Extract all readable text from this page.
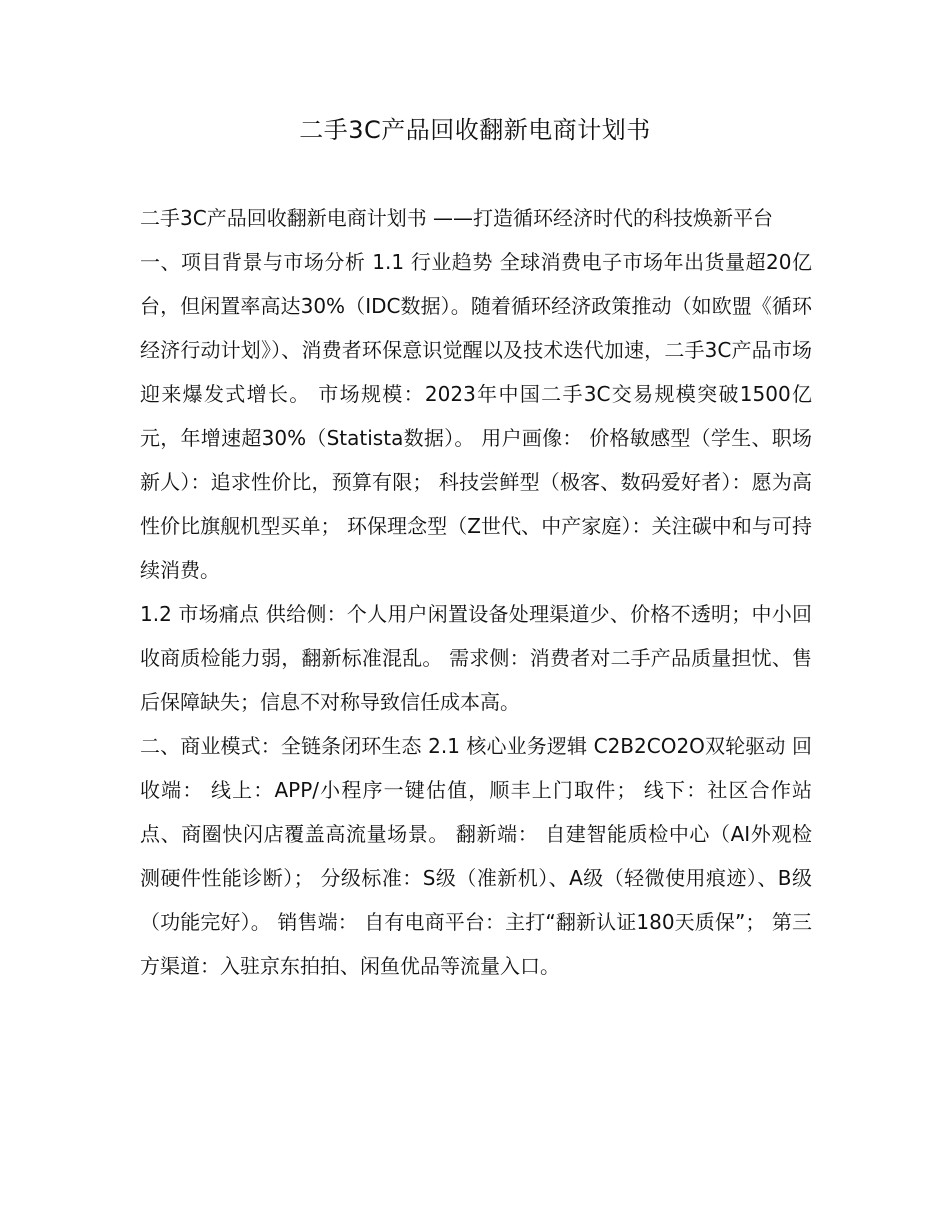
二手3C产品回收翻新电商计划书

二手3C产品回收翻新电商计划书 ——打造循环经济时代的科技焕新平台

一、项目背景与市场分析 1.1 行业趋势 全球消费电子市场年出货量超20亿台，但闲置率高达30%（IDC数据）。随着循环经济政策推动（如欧盟《循环经济行动计划》）、消费者环保意识觉醒以及技术迭代加速，二手3C产品市场迎来爆发式增长。 市场规模：2023年中国二手3C交易规模突破1500亿元，年增速超30%（Statista数据）。 用户画像： 价格敏感型（学生、职场新人）：追求性价比，预算有限； 科技尝鲜型（极客、数码爱好者）：愿为高性价比旗舰机型买单； 环保理念型（Z世代、中产家庭）：关注碳中和与可持续消费。

1.2 市场痛点 供给侧：个人用户闲置设备处理渠道少、价格不透明；中小回收商质检能力弱，翻新标准混乱。 需求侧：消费者对二手产品质量担忧、售后保障缺失；信息不对称导致信任成本高。

二、商业模式：全链条闭环生态 2.1 核心业务逻辑 C2B2CO2O双轮驱动 回收端： 线上：APP/小程序一键估值，顺丰上门取件； 线下：社区合作站点、商圈快闪店覆盖高流量场景。 翻新端： 自建智能质检中心（AI外观检测硬件性能诊断）； 分级标准：S级（准新机）、A级（轻微使用痕迹）、B级（功能完好）。 销售端： 自有电商平台：主打“翻新认证180天质保”； 第三方渠道：入驻京东拍拍、闲鱼优品等流量入口。
